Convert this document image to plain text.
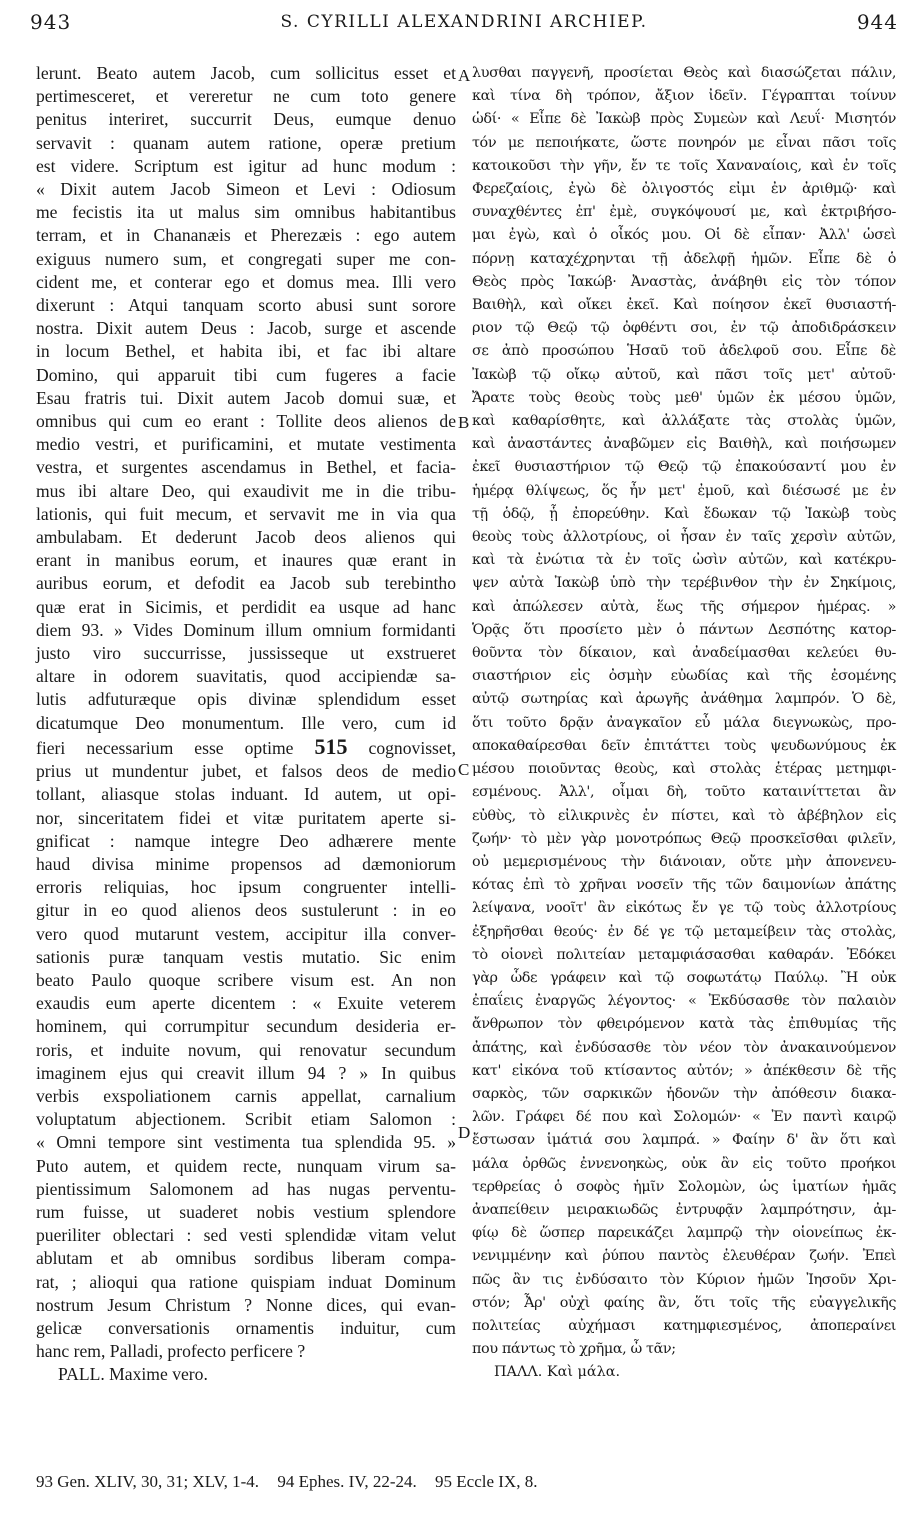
943	S. CYRILLI ALEXANDRINI ARCHIEP.	944
lerunt. Beato autem Jacob, cum sollicitus esset et
pertimesceret, et vereretur ne cum toto genere
penitus interiret, succurrit Deus, eumque denuo
servavit : quanam autem ratione, operæ pretium
est videre. Scriptum est igitur ad hunc modum :
« Dixit autem Jacob Simeon et Levi : Odiosum
me fecistis ita ut malus sim omnibus habitantibus
terram, et in Chananæis et Pherezæis : ego autem
exiguus numero sum, et congregati super me con-
cident me, et conterar ego et domus mea. Illi vero
dixerunt : Atqui tanquam scorto abusi sunt sorore
nostra. Dixit autem Deus : Jacob, surge et ascende
in locum Bethel, et habita ibi, et fac ibi altare
Domino, qui apparuit tibi cum fugeres a facie
Esau fratris tui. Dixit autem Jacob domui suæ, et
omnibus qui cum eo erant : Tollite deos alienos de
medio vestri, et purificamini, et mutate vestimenta
vestra, et surgentes ascendamus in Bethel, et facia-
mus ibi altare Deo, qui exaudivit me in die tribu-
lationis, qui fuit mecum, et servavit me in via qua
ambulabam. Et dederunt Jacob deos alienos qui
erant in manibus eorum, et inaures quæ erant in
auribus eorum, et defodit ea Jacob sub terebintho
quæ erat in Sicimis, et perdidit ea usque ad hanc
diem 93. » Vides Dominum illum omnium formidanti
justo viro succurrisse, jussisseque ut exstrueret
altare in odorem suavitatis, quod accipiendæ sa-
lutis adfuturæque opis divinæ splendidum esset
dicatumque Deo monumentum. Ille vero, cum id
fieri necessarium esse optime 515 cognovisset,
prius ut mundentur jubet, et falsos deos de medio
tollant, aliasque stolas induant. Id autem, ut opi-
nor, sinceritatem fidei et vitæ puritatem aperte si-
gnificat : namque integre Deo adhærere mente
haud divisa minime propensos ad dæmoniorum
erroris reliquias, hoc ipsum congruenter intelli-
gitur in eo quod alienos deos sustulerunt : in eo
vero quod mutarunt vestem, accipitur illa conver-
sationis puræ tanquam vestis mutatio. Sic enim
beato Paulo quoque scribere visum est. An non
exaudis eum aperte dicentem : « Exuite veterem
hominem, qui corrumpitur secundum desideria er-
roris, et induite novum, qui renovatur secundum
imaginem ejus qui creavit illum 94 ? » In quibus
verbis exspoliationem carnis appellat, carnalium
voluptatum abjectionem. Scribit etiam Salomon :
« Omni tempore sint vestimenta tua splendida 95. »
Puto autem, et quidem recte, nunquam virum sa-
pientissimum Salomonem ad has nugas perventu-
rum fuisse, ut suaderet nobis vestium splendore
pueriliter oblectari : sed vesti splendidæ vitam velut
ablutam et ab omnibus sordibus liberam compa-
rat, ; alioqui qua ratione quispiam induat Dominum
nostrum Jesum Christum ? Nonne dices, qui evan-
gelicæ conversationis ornamentis induitur, cum
hanc rem, Palladi, profecto perficere ?
PALL. Maxime vero.
λυσθαι παγγενῆ, προσίεται Θεὸς καὶ διασώζεται πάλιν,
καὶ τίνα δὴ τρόπον, ἄξιον ἰδεῖν. Γέγραπται τοίνυν
ὡδί· « Εἶπε δὲ Ἰακὼβ πρὸς Συμεὼν καὶ Λευΐ· Μισητόν
τόν με πεποιήκατε, ὥστε πονηρόν με εἶναι πᾶσι τοῖς
κατοικοῦσι τὴν γῆν, ἔν τε τοῖς Χαναναίοις, καὶ ἐν τοῖς
Φερεζαίοις, ἐγὼ δὲ ὀλιγοστός εἰμι ἐν ἀριθμῷ· καὶ
συναχθέντες ἐπ' ἐμὲ, συγκόψουσί με, καὶ ἐκτριβήσο-
μαι ἐγὼ, καὶ ὁ οἶκός μου. Οἱ δὲ εἶπαν· Ἀλλ' ὡσεὶ
πόρνῃ καταχέχρηνται τῇ ἀδελφῇ ἡμῶν. Εἶπε δὲ ὁ
Θεὸς πρὸς Ἰακώβ· Ἀναστὰς, ἀνάβηθι εἰς τὸν τόπον
Βαιθὴλ, καὶ οἴκει ἐκεῖ. Καὶ ποίησον ἐκεῖ θυσιαστή-
ριον τῷ Θεῷ τῷ ὀφθέντι σοι, ἐν τῷ ἀποδιδράσκειν
σε ἀπὸ προσώπου Ἡσαῦ τοῦ ἀδελφοῦ σου. Εἶπε δὲ
Ἰακὼβ τῷ οἴκῳ αὐτοῦ, καὶ πᾶσι τοῖς μετ' αὐτοῦ·
Ἄρατε τοὺς θεοὺς τοὺς μεθ' ὑμῶν ἐκ μέσου ὑμῶν,
καὶ καθαρίσθητε, καὶ ἀλλάξατε τὰς στολὰς ὑμῶν,
καὶ ἀναστάντες ἀναβῶμεν εἰς Βαιθὴλ, καὶ ποιήσωμεν
ἐκεῖ θυσιαστήριον τῷ Θεῷ τῷ ἐπακούσαντί μου ἐν
ἡμέρᾳ θλίψεως, ὅς ἦν μετ' ἐμοῦ, καὶ διέσωσέ με ἐν
τῇ ὁδῷ, ᾗ ἐπορεύθην. Καὶ ἔδωκαν τῷ Ἰακὼβ τοὺς
θεοὺς τοὺς ἀλλοτρίους, οἱ ἦσαν ἐν ταῖς χερσὶν αὐτῶν,
καὶ τὰ ἐνώτια τὰ ἐν τοῖς ὠσὶν αὐτῶν, καὶ κατέκρυ-
ψεν αὐτὰ Ἰακὼβ ὑπὸ τὴν τερέβινθον τὴν ἐν Σηκίμοις,
καὶ ἀπώλεσεν αὐτὰ, ἕως τῆς σήμερον ἡμέρας. »
Ὁρᾷς ὅτι προσίετο μὲν ὁ πάντων Δεσπότης κατορ-
θοῦντα τὸν δίκαιον, καὶ ἀναδείμασθαι κελεύει θυ-
σιαστήριον εἰς ὀσμὴν εὐωδίας καὶ τῆς ἐσομένης
αὐτῷ σωτηρίας καὶ ἀρωγῆς ἀνάθημα λαμπρόν. Ὁ δὲ,
ὅτι τοῦτο δρᾷν ἀναγκαῖον εὖ μάλα διεγνωκὼς, προ-
αποκαθαίρεσθαι δεῖν ἐπιτάττει τοὺς ψευδωνύμους ἐκ
μέσου ποιοῦντας θεοὺς, καὶ στολὰς ἑτέρας μετημφι-
εσμένους. Ἀλλ', οἶμαι δὴ, τοῦτο καταινίττεται ἂν
εὐθὺς, τὸ εἰλικρινὲς ἐν πίστει, καὶ τὸ ἀβέβηλον εἰς
ζωήν· τὸ μὲν γὰρ μονοτρόπως Θεῷ προσκεῖσθαι φιλεῖν,
οὐ μεμερισμένους τὴν διάνοιαν, οὔτε μὴν ἀπονενευ-
κότας ἐπὶ τὸ χρῆναι νοσεῖν τῆς τῶν δαιμονίων ἀπάτης
λείψανα, νοοῖτ' ἂν εἰκότως ἔν γε τῷ τοὺς ἀλλοτρίους
ἐξηρῆσθαι θεούς· ἐν δέ γε τῷ μεταμείβειν τὰς στολὰς,
τὸ οἱονεὶ πολιτείαν μεταμφιάσασθαι καθαράν. Ἐδόκει
γὰρ ὧδε γράφειν καὶ τῷ σοφωτάτῳ Παύλῳ. Ἢ οὐκ
ἐπαΐεις ἐναργῶς λέγοντος· « Ἐκδύσασθε τὸν παλαιὸν
ἄνθρωπον τὸν φθειρόμενον κατὰ τὰς ἐπιθυμίας τῆς
ἀπάτης, καὶ ἐνδύσασθε τὸν νέον τὸν ἀνακαινούμενον
κατ' εἰκόνα τοῦ κτίσαντος αὐτόν; » ἀπέκθεσιν δὲ τῆς
σαρκὸς, τῶν σαρκικῶν ἡδονῶν τὴν ἀπόθεσιν διακα-
λῶν. Γράφει δέ που καὶ Σολομών· « Ἐν παντὶ καιρῷ
ἔστωσαν ἱμάτιά σου λαμπρά. » Φαίην δ' ἂν ὅτι καὶ
μάλα ὀρθῶς ἐννενοηκὼς, οὐκ ἂν εἰς τοῦτο προήκοι
τερθρείας ὁ σοφὸς ἡμῖν Σολομὼν, ὡς ἱματίων ἡμᾶς
ἀναπείθειν μειρακιωδῶς ἐντρυφᾷν λαμπρότησιν, ἀμ-
φίῳ δὲ ὥσπερ παρεικάζει λαμπρῷ τὴν οἱονείπως ἐκ-
νενιμμένην καὶ ῥύπου παντὸς ἐλευθέραν ζωήν. Ἐπεὶ
πῶς ἂν τις ἐνδύσαιτο τὸν Κύριον ἡμῶν Ἰησοῦν Χρι-
στόν; Ἆρ' οὐχὶ φαίης ἂν, ὅτι τοῖς τῆς εὐαγγελικῆς
πολιτείας αὐχήμασι κατημφιεσμένος, ἀποπεραίνει
που πάντως τὸ χρῆμα, ὦ τᾶν;
ΠΑΛΛ. Καὶ μάλα.
A
B
C
D
93 Gen. XLIV, 30, 31; XLV, 1-4. 94 Ephes. IV, 22-24. 95 Eccle IX, 8.
